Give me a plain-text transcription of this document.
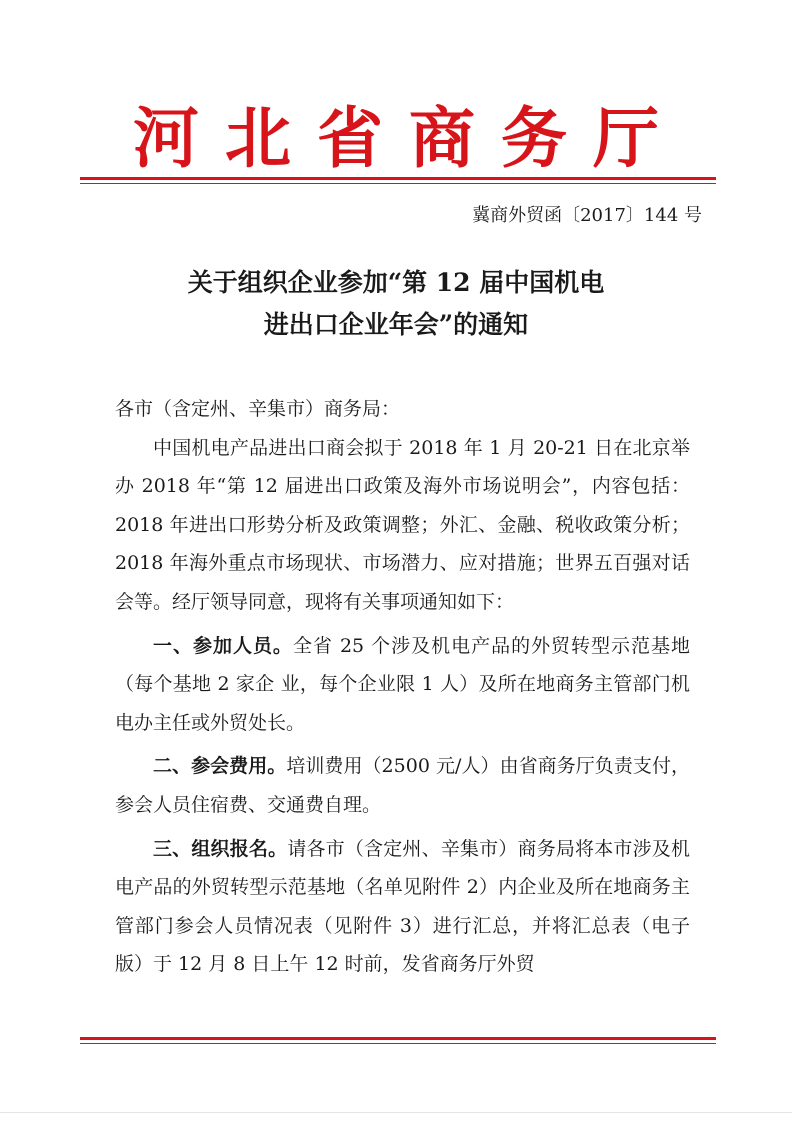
河北省商务厅
冀商外贸函〔2017〕144 号
关于组织企业参加“第 12 届中国机电
进出口企业年会”的通知

各市（含定州、辛集市）商务局：

中国机电产品进出口商会拟于 2018 年 1 月 20-21 日在北京举办 2018 年“第 12 届进出口政策及海外市场说明会”，内容包括：2018 年进出口形势分析及政策调整；外汇、金融、税收政策分析；2018 年海外重点市场现状、市场潜力、应对措施；世界五百强对话会等。经厅领导同意，现将有关事项通知如下：

一、参加人员。全省 25 个涉及机电产品的外贸转型示范基地（每个基地 2 家企 业，每个企业限 1 人）及所在地商务主管部门机电办主任或外贸处长。

二、参会费用。培训费用（2500 元/人）由省商务厅负责支付，参会人员住宿费、交通费自理。

三、组织报名。请各市（含定州、辛集市）商务局将本市涉及机电产品的外贸转型示范基地（名单见附件 2）内企业及所在地商务主管部门参会人员情况表（见附件 3）进行汇总，并将汇总表（电子版）于 12 月 8 日上午 12 时前，发省商务厅外贸
